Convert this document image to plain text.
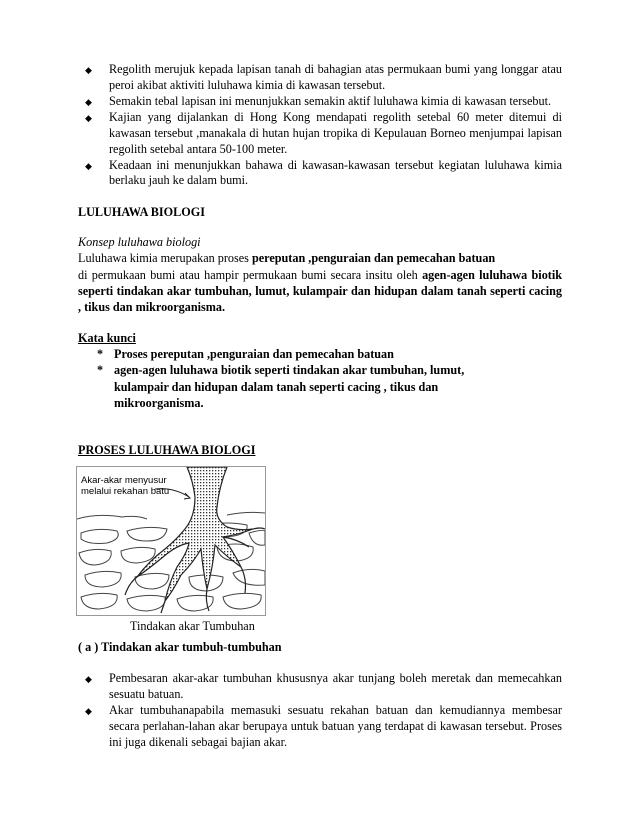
◆	Regolith merujuk kepada lapisan tanah di bahagian atas permukaan bumi yang longgar atau peroi akibat aktiviti luluhawa kimia di kawasan tersebut.
◆	Semakin tebal lapisan ini menunjukkan semakin aktif luluhawa kimia di kawasan tersebut.
◆	Kajian yang dijalankan di Hong Kong mendapati regolith setebal 60 meter ditemui di kawasan tersebut ,manakala di hutan hujan tropika di Kepulauan Borneo menjumpai lapisan regolith setebal antara 50-100 meter.
◆	Keadaan ini menunjukkan bahawa di kawasan-kawasan tersebut kegiatan luluhawa kimia berlaku jauh ke dalam bumi.
LULUHAWA BIOLOGI
Konsep luluhawa biologi

Luluhawa kimia merupakan proses pereputan ,penguraian dan pemecahan batuan
di permukaan bumi atau hampir permukaan bumi secara insitu oleh agen-agen luluhawa biotik seperti tindakan akar tumbuhan, lumut, kulampair dan hidupan dalam tanah seperti cacing , tikus dan mikroorganisma.

Kata kunci
* Proses pereputan ,penguraian dan pemecahan batuan
* agen-agen luluhawa biotik seperti tindakan akar tumbuhan, lumut,
kulampair dan hidupan dalam tanah seperti cacing , tikus dan
mikroorganisma.
PROSES LULUHAWA BIOLOGI
Akar-akar menyusur
melalui rekahan batu
Tindakan akar Tumbuhan
( a ) Tindakan akar tumbuh-tumbuhan
◆	Pembesaran akar-akar tumbuhan khususnya akar tunjang boleh meretak dan memecahkan sesuatu batuan.
◆	Akar tumbuhanapabila memasuki sesuatu rekahan batuan dan kemudiannya membesar secara perlahan-lahan akar berupaya untuk batuan yang terdapat di kawasan tersebut. Proses ini juga dikenali sebagai bajian akar.
